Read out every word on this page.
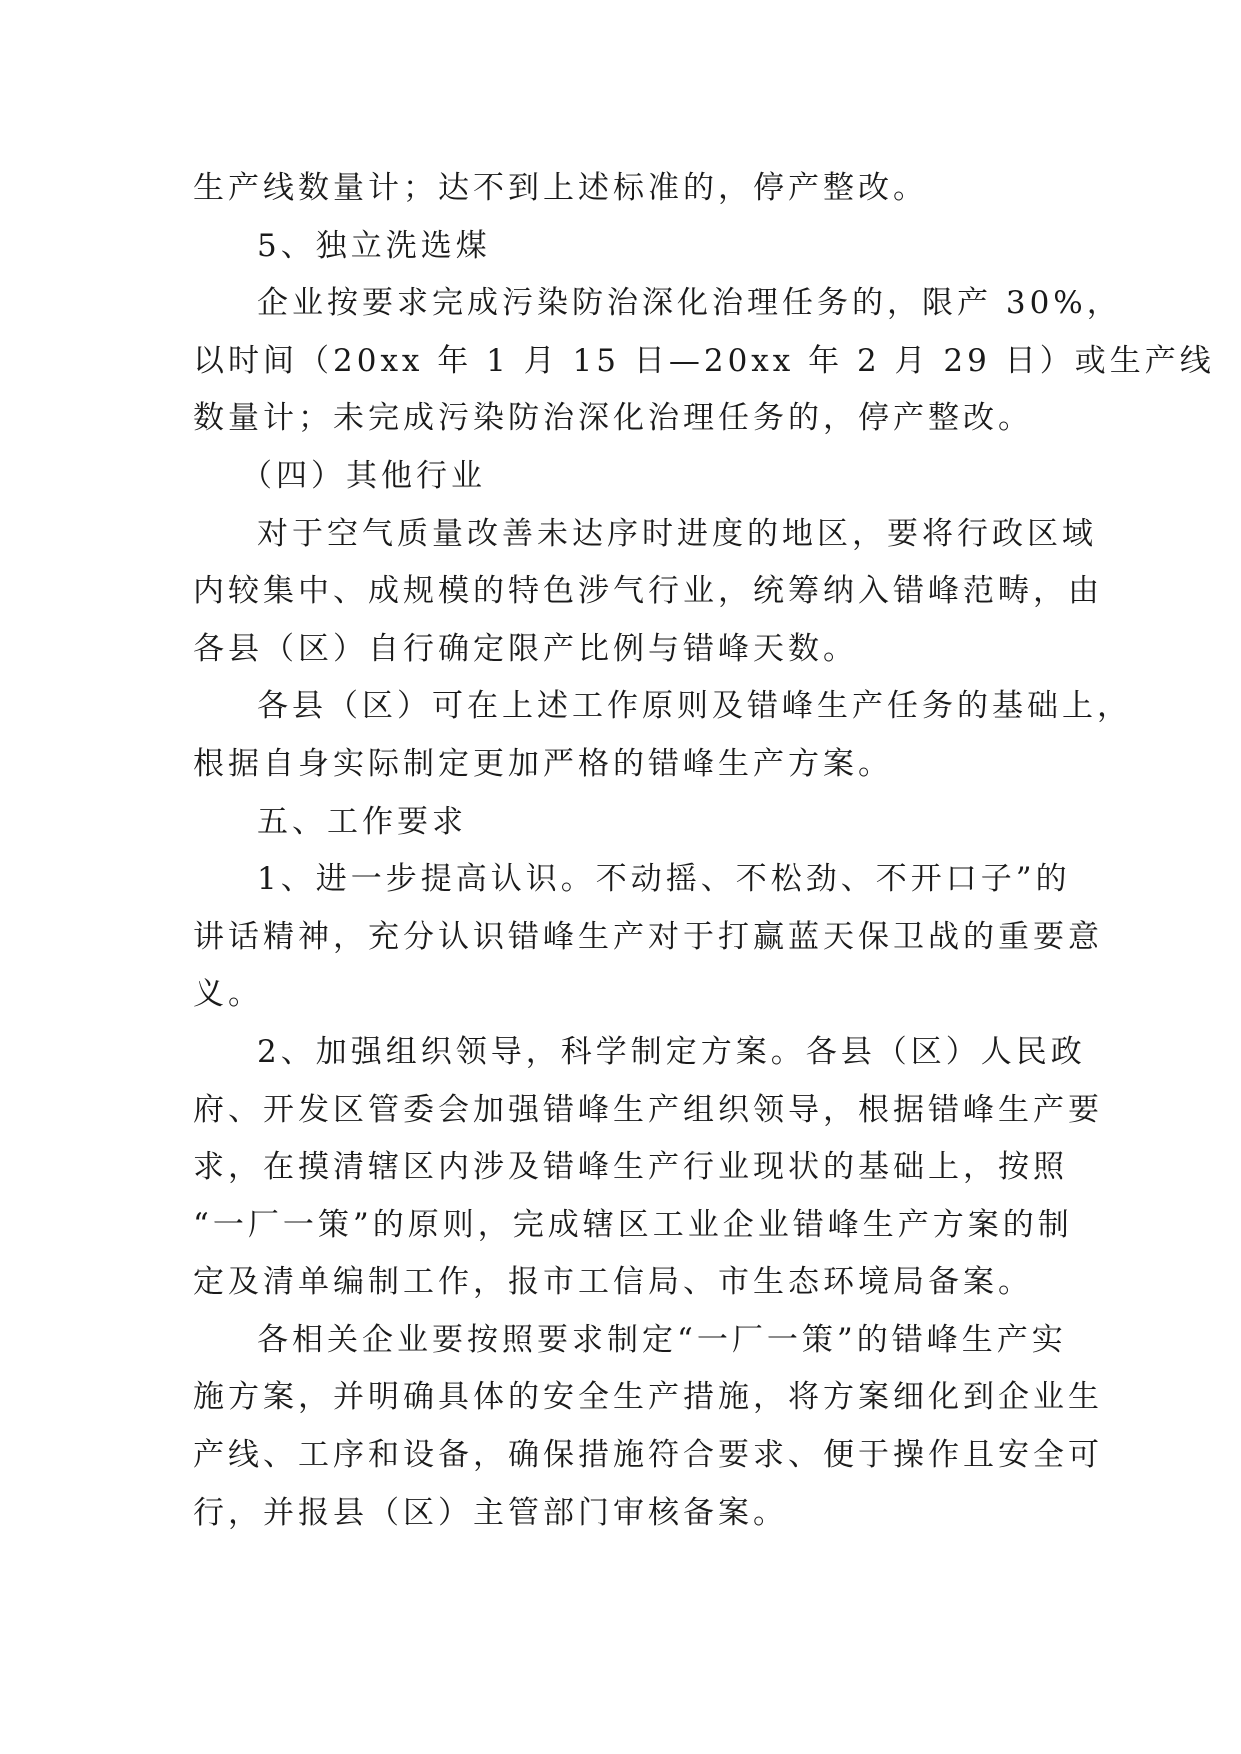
生产线数量计；达不到上述标准的，停产整改。
5、独立洗选煤
企业按要求完成污染防治深化治理任务的，限产 30%，
以时间（20xx 年 1 月 15 日—20xx 年 2 月 29 日）或生产线
数量计；未完成污染防治深化治理任务的，停产整改。
（四）其他行业
对于空气质量改善未达序时进度的地区，要将行政区域
内较集中、成规模的特色涉气行业，统筹纳入错峰范畴，由
各县（区）自行确定限产比例与错峰天数。
各县（区）可在上述工作原则及错峰生产任务的基础上，
根据自身实际制定更加严格的错峰生产方案。
五、工作要求
1、进一步提高认识。不动摇、不松劲、不开口子”的
讲话精神，充分认识错峰生产对于打赢蓝天保卫战的重要意
义。
2、加强组织领导，科学制定方案。各县（区）人民政
府、开发区管委会加强错峰生产组织领导，根据错峰生产要
求，在摸清辖区内涉及错峰生产行业现状的基础上，按照
“一厂一策”的原则，完成辖区工业企业错峰生产方案的制
定及清单编制工作，报市工信局、市生态环境局备案。
各相关企业要按照要求制定“一厂一策”的错峰生产实
施方案，并明确具体的安全生产措施，将方案细化到企业生
产线、工序和设备，确保措施符合要求、便于操作且安全可
行，并报县（区）主管部门审核备案。
